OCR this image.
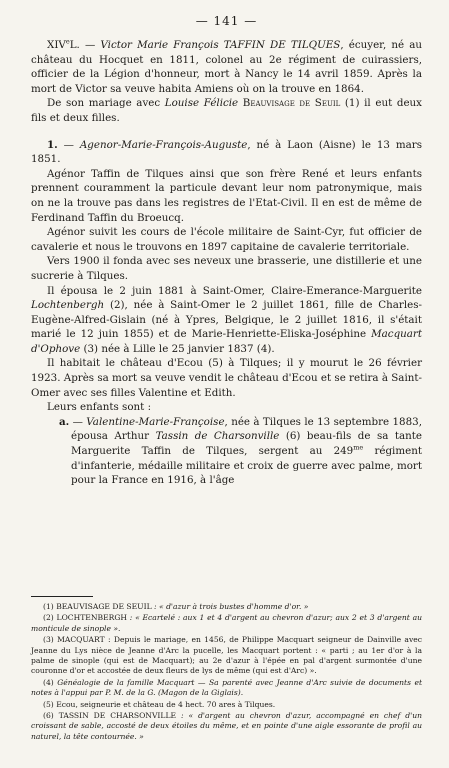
— 141 —

XIVeL. — Victor Marie François TAFFIN DE TILQUES, écuyer, né au château du Hocquet en 1811, colonel au 2e régiment de cuirassiers, officier de la Légion d'honneur, mort à Nancy le 14 avril 1859. Après la mort de Victor sa veuve habita Amiens où on la trouve en 1864.

De son mariage avec Louise Félicie Beauvisage de Seuil (1) il eut deux fils et deux filles.

1. — Agenor-Marie-François-Auguste, né à Laon (Aisne) le 13 mars 1851.

Agénor Taffin de Tilques ainsi que son frère René et leurs enfants prennent couramment la particule devant leur nom patronymique, mais on ne la trouve pas dans les registres de l'Etat-Civil. Il en est de même de Ferdinand Taffin du Broeucq.

Agénor suivit les cours de l'école militaire de Saint-Cyr, fut officier de cavalerie et nous le trouvons en 1897 capitaine de cavalerie territoriale.

Vers 1900 il fonda avec ses neveux une brasserie, une distillerie et une sucrerie à Tilques.

Il épousa le 2 juin 1881 à Saint-Omer, Claire-Emerance-Marguerite Lochtenbergh (2), née à Saint-Omer le 2 juillet 1861, fille de Charles-Eugène-Alfred-Gislain (né à Ypres, Belgique, le 2 juillet 1816, il s'était marié le 12 juin 1855) et de Marie-Henriette-Eliska-Joséphine Macquart d'Ophove (3) née à Lille le 25 janvier 1837 (4).

Il habitait le château d'Ecou (5) à Tilques; il y mourut le 26 février 1923. Après sa mort sa veuve vendit le château d'Ecou et se retira à Saint-Omer avec ses filles Valentine et Edith.

Leurs enfants sont :

a. — Valentine-Marie-Françoise, née à Tilques le 13 septembre 1883, épousa Arthur Tassin de Charsonville (6) beau-fils de sa tante Marguerite Taffin de Tilques, sergent au $249^{me}$ régiment d'infanterie, médaille militaire et croix de guerre avec palme, mort pour la France en 1916, à l'âge

(1) BEAUVISAGE DE SEUIL : « d'azur à trois bustes d'homme d'or. »

(2) LOCHTENBERGH : « Ecartelé : aux 1 et 4 d'argent au chevron d'azur; aux 2 et 3 d'argent au monticule de sinople ».

(3) MACQUART : Depuis le mariage, en 1456, de Philippe Macquart seigneur de Dainville avec Jeanne du Lys nièce de Jeanne d'Arc la pucelle, les Macquart portent : « parti ; au 1er d'or à la palme de sinople (qui est de Macquart); au 2e d'azur à l'épée en pal d'argent surmontée d'une couronne d'or et accostée de deux fleurs de lys de même (qui est d'Arc) ».

(4) Généalogie de la famille Macquart — Sa parenté avec Jeanne d'Arc suivie de documents et notes à l'appui par P. M. de la G. (Magon de la Giglais).

(5) Ecou, seigneurie et château de 4 hect. 70 ares à Tilques.

(6) TASSIN DE CHARSONVILLE : « d'argent au chevron d'azur, accompagné en chef d'un croissant de sable, accosté de deux étoiles du même, et en pointe d'une aigle essorante de profil au naturel, la tête contournée. »
